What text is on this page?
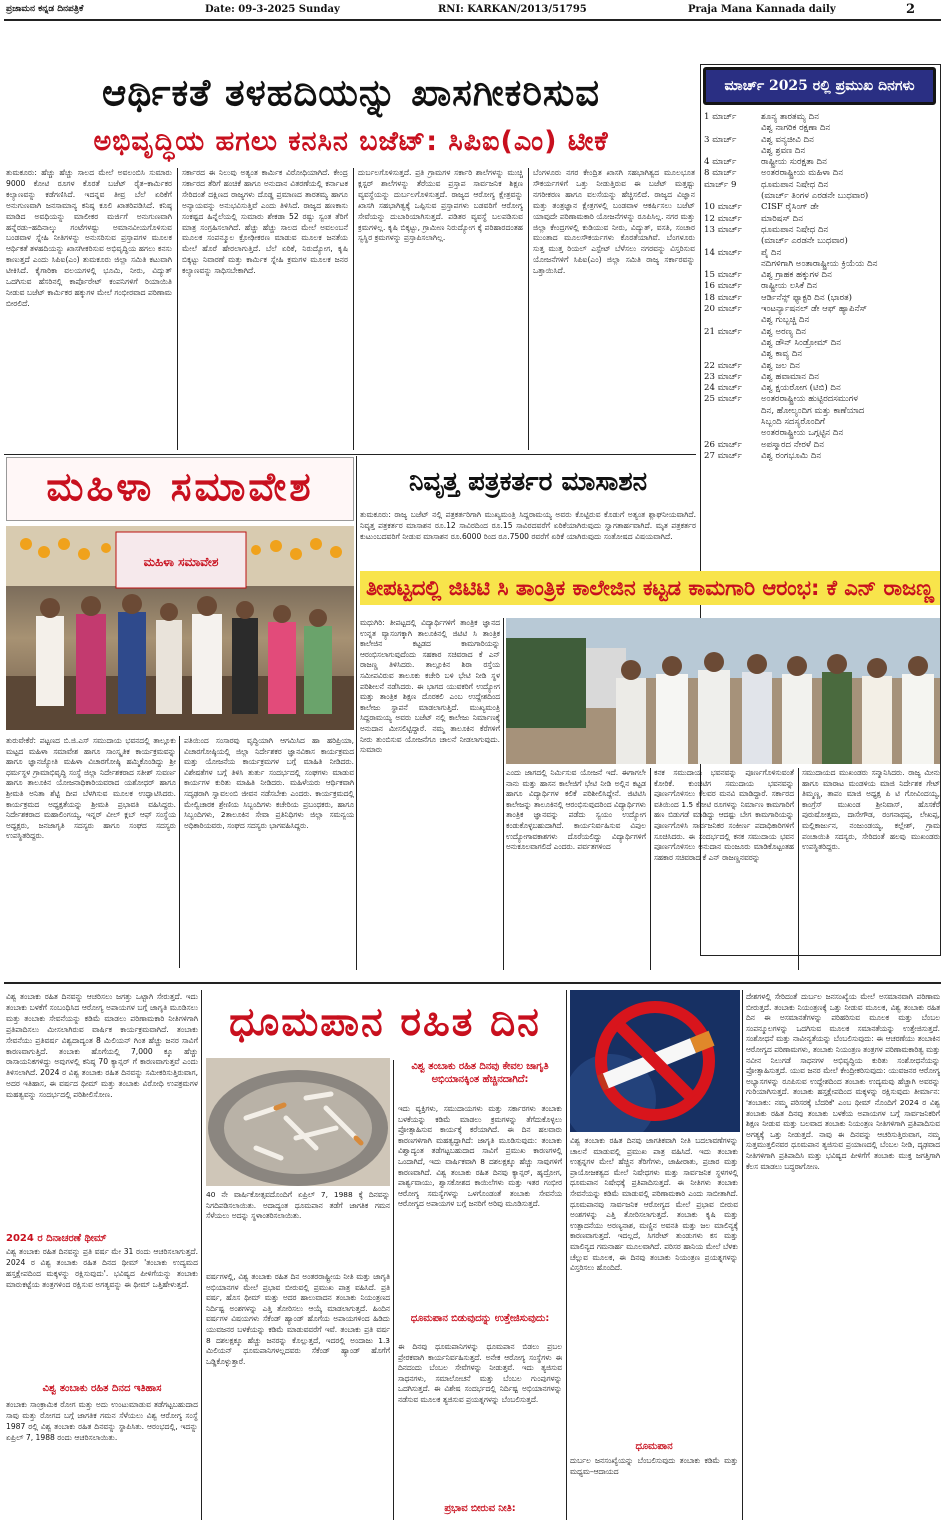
ಪ್ರಜಾಮನ ಕನ್ನಡ ದಿನಪತ್ರಿಕೆ	Date: 09-3-2025 Sunday	RNI: KARKAN/2013/51795	Praja Mana Kannada daily	2
ಆರ್ಥಿಕತೆ ತಳಹದಿಯನ್ನು ಖಾಸಗೀಕರಿಸುವ
ಅಭಿವೃದ್ಧಿಯ ಹಗಲು ಕನಸಿನ ಬಜೆಟ್: ಸಿಪಿಐ(ಎಂ) ಟೀಕೆ
ತುಮಕೂರು: ಹೆಚ್ಚು ಹೆಚ್ಚು ಸಾಲದ ಮೇಲೆ ಅವಲಂಬಿಸಿ ಸುಮಾರು 9000 ಕೋಟಿ ರೂಗಳ ಕೊರತೆ ಬಜೆಟ್ ರೈತ–ಕಾರ್ಮಿಕರ ಕಲ್ಯಾಣವನ್ನು ಕಡೆಗಣಿಸಿದೆ. ಇದನ್ನವ ತೀವ್ರ ಬೆಲೆ ಏರಿಕೆಗೆ ಅನುಗುಣವಾಗಿ ಜನಸಾಮಾನ್ಯ ಕನಿಷ್ಠ ಕೂಲಿ ಖಾತರಿಪಡಿಸಿದೆ. ಕನಿಷ್ಠ ಮಾಡಿದ ಅವಧಿಯನ್ನು ಮಾಲೀಕರ ಮರ್ಜಿಗೆ ಅನುಗುಣವಾಗಿ ಹನ್ನೆರಡು–ಹದಿನಾಲ್ಕು ಗಂಟೆಗಳಷ್ಟು ಅಮಾನವೀಯಗೊಳಿಸುವ ಬಂಡವಾಳ ಸ್ನೇಹಿ ನೀತಿಗಳನ್ನು ಅನುಸರಿಸುವ ಪ್ರಸ್ತಾಪಗಳ ಮೂಲಕ ಆರ್ಥಿಕತೆ ತಳಹದಿಯನ್ನು ಖಾಸಗೀಕರಿಸುವ ಅಭಿವೃದ್ಧಿಯ ಹಗಲು ಕನಸು ಕಾಣುತ್ತದೆ ಎಂದು ಸಿಪಿಐ(ಎಂ) ತುಮಕೂರು ಜಿಲ್ಲಾ ಸಮಿತಿ ಕಟುವಾಗಿ ಟೀಕಿಸಿದೆ. ಕೈಗಾರಿಕಾ ವಲಯಗಳಲ್ಲಿ ಭೂಮಿ, ನೀರು, ವಿದ್ಯುತ್ ಒದಗಿಸುವ ಹೆಸರಿನಲ್ಲಿ ಕಾರ್ಪೊರೇಟ್ ಕಂಪನಿಗಳಿಗೆ ರಿಯಾಯಿತಿ ನೀಡುವ ಬಜೆಟ್ ಕಾರ್ಮಿಕರ ಹಕ್ಕುಗಳ ಮೇಲೆ ಗಂಭೀರವಾದ ಪರಿಣಾಮ ಬೀರಲಿದೆ.
ಸರ್ಕಾರದ ಈ ನಿಲುವು ಅತ್ಯಂತ ಕಾರ್ಮಿಕ ವಿರೋಧಿಯಾಗಿದೆ. ಕೇಂದ್ರ ಸರ್ಕಾರದ ತೆರಿಗೆ ಹಂಚಿಕೆ ಹಾಗೂ ಅನುದಾನ ವಿತರಣೆಯಲ್ಲಿ ಕರ್ನಾಟಕ ಸೇರಿದಂತೆ ದಕ್ಷಿಣದ ರಾಜ್ಯಗಳು ದೊಡ್ಡ ಪ್ರಮಾಣದ ತಾರತಮ್ಯ ಹಾಗೂ ಅನ್ಯಾಯವನ್ನು ಅನುಭವಿಸುತ್ತಿವೆ ಎಂದು ತಿಳಿಸಿದೆ. ರಾಜ್ಯದ ಹಣಕಾಸು ಸಂಕಷ್ಟದ ಹಿನ್ನೆಲೆಯಲ್ಲಿ ಸುಮಾರು ಶೇಕಡಾ 52 ರಷ್ಟು ಸ್ವಂತ ತೆರಿಗೆ ಮಾತ್ರ ಸಂಗ್ರಹಿಸಲಾಗಿದೆ. ಹೆಚ್ಚು ಹೆಚ್ಚು ಸಾಲದ ಮೇಲೆ ಅವಲಂಬನೆ ಮೂಲಕ ಸಂಪನ್ಮೂಲ ಕ್ರೋಢೀಕರಣ ಮಾಡುವ ಮೂಲಕ ಜನತೆಯ ಮೇಲೆ ಹೊರೆ ಹೇರಲಾಗುತ್ತಿದೆ. ಬೆಲೆ ಏರಿಕೆ, ನಿರುದ್ಯೋಗ, ಕೃಷಿ ಬಿಕ್ಕಟ್ಟು ನಿವಾರಣೆ ಮತ್ತು ಕಾರ್ಮಿಕ ಸ್ನೇಹಿ ಕ್ರಮಗಳ ಮೂಲಕ ಜನರ ಕಲ್ಯಾಣವನ್ನು ಸಾಧಿಸಬೇಕಾಗಿದೆ.
ದುರ್ಬಲಗೊಳಿಸುತ್ತದೆ. ಪ್ರತಿ ಗ್ರಾಮಗಳ ಸರ್ಕಾರಿ ಶಾಲೆಗಳನ್ನು ಮುಚ್ಚಿ ಕ್ಲಸ್ಟರ್ ಶಾಲೆಗಳನ್ನು ತೆರೆಯುವ ಪ್ರಸ್ತಾಪ ಸಾರ್ವಜನಿಕ ಶಿಕ್ಷಣ ವ್ಯವಸ್ಥೆಯನ್ನು ದುರ್ಬಲಗೊಳಿಸುತ್ತದೆ. ರಾಜ್ಯದ ಆರೋಗ್ಯ ಕ್ಷೇತ್ರವನ್ನು ಖಾಸಗಿ ಸಹಭಾಗಿತ್ವಕ್ಕೆ ಒಪ್ಪಿಸುವ ಪ್ರಸ್ತಾಪಗಳು ಬಡವರಿಗೆ ಆರೋಗ್ಯ ಸೇವೆಯನ್ನು ದುಬಾರಿಯಾಗಿಸುತ್ತದೆ. ಪಡಿತರ ವ್ಯವಸ್ಥೆ ಬಲಪಡಿಸುವ ಕ್ರಮಗಳಿಲ್ಲ. ಕೃಷಿ ಬಿಕ್ಕಟ್ಟು, ಗ್ರಾಮೀಣ ನಿರುದ್ಯೋಗ ಕ್ಕೆ ಪರಿಹಾರದಂತಹ ಸ್ವಸ್ಥಿರ ಕ್ರಮಗಳನ್ನು ಪ್ರಸ್ತಾಪಿಸಲಾಗಿಲ್ಲ.
ಬೆಂಗಳೂರು ನಗರ ಕೇಂದ್ರಿತ ಖಾಸಗಿ ಸಹಭಾಗಿತ್ವದ ಮೂಲಭೂತ ಸೌಕರ್ಯಗಳಿಗೆ ಒತ್ತು ನೀಡುತ್ತಿರುವ ಈ ಬಜೆಟ್ ಮತ್ತಷ್ಟು ನಗರೀಕರಣ ಹಾಗೂ ವಲಸೆಯನ್ನು ಹೆಚ್ಚಿಸಲಿದೆ. ರಾಜ್ಯದ ವಿಜ್ಞಾನ ಮತ್ತು ತಂತ್ರಜ್ಞಾನ ಕ್ಷೇತ್ರಗಳಲ್ಲಿ ಬಂಡವಾಳ ಆಕರ್ಷಿಸಲು ಬಜೆಟ್ ಯಾವುದೇ ಪರಿಣಾಮಕಾರಿ ಯೋಜನೆಗಳನ್ನು ರೂಪಿಸಿಲ್ಲ. ನಗರ ಮತ್ತು ಜಿಲ್ಲಾ ಕೇಂದ್ರಗಳಲ್ಲಿ ಕುಡಿಯುವ ನೀರು, ವಿದ್ಯುತ್, ವಸತಿ, ಸಂಚಾರ ಮುಂತಾದ ಮೂಲಸೌಕರ್ಯಗಳು ಕೊರತೆಯಾಗಿವೆ. ಬೆಂಗಳೂರು ಸುತ್ತ ಮುತ್ತ ರಿಯಲ್ ಎಸ್ಟೇಟ್ ಬೆಳೆಸಲು ನಗರವನ್ನು ವಿಸ್ತರಿಸುವ ಯೋಜನೆಗಳಿಗೆ ಸಿಪಿಐ(ಎಂ) ಜಿಲ್ಲಾ ಸಮಿತಿ ರಾಜ್ಯ ಸರ್ಕಾರವನ್ನು ಒತ್ತಾಯಿಸಿದೆ.
ಮಾರ್ಚ್ 2025 ರಲ್ಲಿ ಪ್ರಮುಖ ದಿನಗಳು
1 ಮಾರ್ಚ್	ಶೂನ್ಯ ತಾರತಮ್ಯ ದಿನ
ವಿಶ್ವ ನಾಗರಿಕ ರಕ್ಷಣಾ ದಿನ
3 ಮಾರ್ಚ್	ವಿಶ್ವ ವನ್ಯಜೀವಿ ದಿನ
ವಿಶ್ವ ಶ್ರವಣ ದಿನ
4 ಮಾರ್ಚ್	ರಾಷ್ಟ್ರೀಯ ಸುರಕ್ಷತಾ ದಿನ
8 ಮಾರ್ಚ್	ಅಂತರರಾಷ್ಟ್ರೀಯ ಮಹಿಳಾ ದಿನ
ಮಾರ್ಚ್ 9	ಧೂಮಪಾನ ನಿಷೇಧ ದಿನ
(ಮಾರ್ಚ್ ತಿಂಗಳ ಎರಡನೇ ಬುಧವಾರ)
10 ಮಾರ್ಚ್	CISF ರೈಸಿಂಗ್ ಡೇ
12 ಮಾರ್ಚ್	ಮಾರಿಷಸ್ ದಿನ
13 ಮಾರ್ಚ್	ಧೂಮಪಾನ ನಿಷೇಧ ದಿನ
(ಮಾರ್ಚ್ ಎರಡನೇ ಬುಧವಾರ)
14 ಮಾರ್ಚ್	ಪೈ ದಿನ
ನದಿಗಳಿಗಾಗಿ ಅಂತಾರಾಷ್ಟ್ರೀಯ ಕ್ರಿಯೆಯ ದಿನ
15 ಮಾರ್ಚ್	ವಿಶ್ವ ಗ್ರಾಹಕ ಹಕ್ಕುಗಳ ದಿನ
16 ಮಾರ್ಚ್	ರಾಷ್ಟ್ರೀಯ ಲಸಿಕೆ ದಿನ
18 ಮಾರ್ಚ್	ಆರ್ಡಿನೆನ್ಸ್ ಫ್ಯಾಕ್ಟರಿ ದಿನ (ಭಾರತ)
20 ಮಾರ್ಚ್	ಇಂಟರ್ನ್ಯಾಷನಲ್ ಡೇ ಆಫ್ ಹ್ಯಾಪಿನೆಸ್
ವಿಶ್ವ ಗುಬ್ಬಚ್ಚಿ ದಿನ
21 ಮಾರ್ಚ್	ವಿಶ್ವ ಅರಣ್ಯ ದಿನ
ವಿಶ್ವ ಡೌನ್ ಸಿಂಡ್ರೋಮ್ ದಿನ
ವಿಶ್ವ ಕಾವ್ಯ ದಿನ
22 ಮಾರ್ಚ್	ವಿಶ್ವ ಜಲ ದಿನ
23 ಮಾರ್ಚ್	ವಿಶ್ವ ಹವಾಮಾನ ದಿನ
24 ಮಾರ್ಚ್	ವಿಶ್ವ ಕ್ಷಯರೋಗ (ಟಿಬಿ) ದಿನ
25 ಮಾರ್ಚ್	ಅಂತರರಾಷ್ಟ್ರೀಯ ಹುಟ್ಟಿರದಸಮುಗಳ
ದಿನ, ಹೋಲ್ಯಂದಿಗ ಮತ್ತು ಕಾಣೆಯಾದ
ಸಿಬ್ಬಂದಿ ಸದಸ್ಯರೊಂದಿಗೆ
ಅಂತರರಾಷ್ಟ್ರೀಯ ಒಗ್ಗಟ್ಟಿನ ದಿನ
26 ಮಾರ್ಚ್	ಅಪಸ್ಮಾರದ ನೇರಳೆ ದಿನ
27 ಮಾರ್ಚ್	ವಿಶ್ವ ರಂಗಭೂಮಿ ದಿನ
ಮಹಿಳಾ ಸಮಾವೇಶ
ಮಹಿಳಾ ಸಮಾವೇಶ
ತುರುವೇಕೆರೆ: ಪಟ್ಟಣದ ಬಿ.ಜಿ.ಎಸ್ ಸಮುದಾಯ ಭವನದಲ್ಲಿ ತಾಲ್ಲೂಕು ಮಟ್ಟದ ಮಹಿಳಾ ಸಮಾವೇಶ ಹಾಗೂ ಸಾಂಸ್ಕೃತಿಕ ಕಾರ್ಯಕ್ರಮವನ್ನು ಹಾಗೂ ಜ್ಞಾನಜ್ಯೋತಿ ಮಹಿಳಾ ವಿಚಾರಗೋಷ್ಠಿ ಹಮ್ಮಿಕೊಂಡಿದ್ದು ಶ್ರೀ ಧರ್ಮಸ್ಥಳ ಗ್ರಾಮಾಭಿವೃದ್ಧಿ ಸಂಸ್ಥೆ ಜಿಲ್ಲಾ ನಿರ್ದೇಶಕರಾದ ಸತೀಶ್ ಸುವರ್ಣ ಹಾಗೂ ತಾಲೂಕಿನ ಯೋಜನಾಧಿಕಾರಿಯವರಾದ ಯಶೋಧರ್ ಹಾಗೂ ಶ್ರೀಮತಿ ಅನಿತಾ ಶೆಟ್ಟಿ ದೀಪ ಬೆಳಗಿಸುವ ಮೂಲಕ ಉದ್ಘಾಟಿಸಿದರು. ಕಾರ್ಯಕ್ರಮದ ಅಧ್ಯಕ್ಷತೆಯನ್ನು ಶ್ರೀಮತಿ ಪ್ರಭಾವತಿ ವಹಿಸಿದ್ದರು. ನಿರ್ದೇಶಕರಾದ ಮಹಾಲಿಂಗಯ್ಯ, ಇನ್ನರ್ ವೀಲ್ ಕ್ಲಬ್ ಆಫ್ ಸಂಸ್ಥೆಯ ಅಧ್ಯಕ್ಷರು, ಜನಜಾಗೃತಿ ಸದಸ್ಯರು ಹಾಗೂ ಸಂಘದ ಸದಸ್ಯರು ಉಪಸ್ಥಿತರಿದ್ದರು.
ಪತಿಯಿಂದ ಸಂಸಾರವು ವೃದ್ಧಿಯಾಗಿ ಆಗಮಿಸಿದ ಹಾ ಹರಿಪ್ರಿಯಾ, ವಿಚಾರಗೋಷ್ಠಿಯಲ್ಲಿ ಜಿಲ್ಲಾ ನಿರ್ದೇಶಕರ ಜ್ಞಾನವಿಕಾಸ ಕಾರ್ಯಕ್ರಮದ ಮತ್ತು ಯೋಜನೆಯ ಕಾರ್ಯಕ್ರಮಗಳ ಬಗ್ಗೆ ಮಾಹಿತಿ ನೀಡಿದರು. ವಿಶೇಷತೆಗಳ ಬಗ್ಗೆ ತಿಳಿಸಿ ತುರ್ತು ಸಂದರ್ಭದಲ್ಲಿ ಸಂಘಗಳು ಮಾಡುವ ಕಾರ್ಯಗಳ ಕುರಿತು ಮಾಹಿತಿ ನೀಡಿದರು. ಮಹಿಳೆಯರು ಆರ್ಥಿಕವಾಗಿ ಸದೃಢರಾಗಿ ಸ್ವಾವಲಂಬಿ ಜೀವನ ನಡೆಸಬೇಕು ಎಂದರು. ಕಾರ್ಯಕ್ರಮದಲ್ಲಿ ಮೇಲ್ವಿಚಾರಕ ಶ್ರೇಣಿಯ ಸಿಬ್ಬಂದಿಗಳು ಕಚೇರಿಯ ಪ್ರಬಂಧಕರು, ಹಾಗೂ ಸಿಬ್ಬಂದಿಗಳು, 2ತಾಲೂಕಿನ ಸೇವಾ ಪ್ರತಿನಿಧಿಗಳು ಜಿಲ್ಲಾ ಸಮನ್ವಯ ಅಧಿಕಾರಿಯವರು, ಸಂಘದ ಸದಸ್ಯರು ಭಾಗವಹಿಸಿದ್ದರು.
ನಿವೃತ್ತ ಪತ್ರಕರ್ತರ ಮಾಸಾಶನ
ತುಮಕೂರು: ರಾಜ್ಯ ಬಜೆಟ್ ನಲ್ಲಿ ಪತ್ರಕರ್ತರಿಗಾಗಿ ಮುಖ್ಯಮಂತ್ರಿ ಸಿದ್ದರಾಮಯ್ಯ ಅವರು ಕೊಟ್ಟಿರುವ ಕೊಡುಗೆ ಅತ್ಯಂತ ಶ್ಲಾಘನೀಯವಾಗಿದೆ. ನಿವೃತ್ತ ಪತ್ರಕರ್ತರ ಮಾಸಾಶನ ರೂ.12 ಸಾವಿರದಿಂದ ರೂ.15 ಸಾವಿರದವರೆಗೆ ಏರಿಕೆಯಾಗಿರುವುದು ಸ್ವಾಗತಾರ್ಹವಾಗಿದೆ. ಮೃತ ಪತ್ರಕರ್ತರ ಕುಟುಂಬದವರಿಗೆ ನೀಡುವ ಮಾಸಾಶನ ರೂ.6000 ರಿಂದ ರೂ.7500 ರವರೆಗೆ ಏರಿಕೆ ಯಾಗಿರುವುದು ಸಂತೋಷದ ವಿಷಯವಾಗಿದೆ.
ತೀಪಟ್ಟದಲ್ಲಿ ಜಿಟಿಟಿ ಸಿ ತಾಂತ್ರಿಕ ಕಾಲೇಜಿನ ಕಟ್ಟಡ ಕಾಮಗಾರಿ ಆರಂಭ: ಕೆ ಎನ್ ರಾಜಣ್ಣ
ಮಧುಗಿರಿ: ತೀಪಟ್ಟದಲ್ಲಿ ವಿದ್ಯಾರ್ಥಿಗಳಿಗೆ ತಾಂತ್ರಿಕ ಜ್ಞಾನದ ಉನ್ನತ ವ್ಯಾಸಂಗಕ್ಕಾಗಿ ತಾಲೂಕಿನಲ್ಲಿ ಜಿಟಿಟಿ ಸಿ ತಾಂತ್ರಿಕ ಕಾಲೇಜಿನ ಕಟ್ಟಡದ ಕಾಮಗಾರಿಯನ್ನು ಆರಂಭಿಸಲಾಗುವುದೆಂದು ಸಹಕಾರ ಸಚಿವರಾದ ಕೆ ಎನ್ ರಾಜಣ್ಣ ತಿಳಿಸಿದರು. ತಾಲ್ಲೂಕಿನ ಶಿರಾ ರಸ್ತೆಯ ಸಮೀಪವಿರುವ ತಾಲೂಕು ಕಚೇರಿ ಬಳಿ ಭೇಟಿ ನೀಡಿ ಸ್ಥಳ ಪರಿಶೀಲನೆ ನಡೆಸಿದರು. ಈ ಭಾಗದ ಯುವಕರಿಗೆ ಉದ್ಯೋಗ ಮತ್ತು ತಾಂತ್ರಿಕ ಶಿಕ್ಷಣ ದೊರಕಲಿ ಎಂಬ ಉದ್ದೇಶದಿಂದ ಕಾಲೇಜು ಸ್ಥಾಪನೆ ಮಾಡಲಾಗುತ್ತಿದೆ. ಮುಖ್ಯಮಂತ್ರಿ ಸಿದ್ದರಾಮಯ್ಯ ಅವರು ಬಜೆಟ್ ನಲ್ಲಿ ಕಾಲೇಜು ನಿರ್ಮಾಣಕ್ಕೆ ಅನುದಾನ ಮೀಸಲಿಟ್ಟಿದ್ದಾರೆ. ನಮ್ಮ ತಾಲೂಕಿನ ಕೆರೆಗಳಿಗೆ ನೀರು ತುಂಬಿಸುವ ಯೋಜನೆಗೂ ಚಾಲನೆ ನೀಡಲಾಗುವುದು. ಸುಮಾರು
ಎಂದು ಜಾಗದಲ್ಲಿ ನಿರ್ಮಿಸುವ ಯೋಜನೆ ಇದೆ. ಈಗಾಗಲೇ ನಾನು ಮತ್ತು ಹಾಸನ ಕಾಲೇಜಿಗೆ ಭೇಟಿ ನೀಡಿ ಅಲ್ಲಿನ ಕಟ್ಟಡ ಹಾಗೂ ವಿದ್ಯಾರ್ಥಿಗಳ ಕಲಿಕೆ ಪರಿಶೀಲಿಸಿದ್ದೇನೆ. ಜಿಟಿಟಿಸಿ ಕಾಲೇಜನ್ನು ತಾಲೂಕಿನಲ್ಲಿ ಆರಂಭಿಸುವುದರಿಂದ ವಿದ್ಯಾರ್ಥಿಗಳು ತಾಂತ್ರಿಕ ಜ್ಞಾನವನ್ನು ಪಡೆದು ಸ್ವಯಂ ಉದ್ಯೋಗ ಕಂಡುಕೊಳ್ಳಬಹುದಾಗಿದೆ. ಕಾರ್ಯನಿರ್ವಹಿಸುವ ವಿಪುಲ ಉದ್ಯೋಗಾವಕಾಶಗಳು ದೊರೆಯಲಿದ್ದು ವಿದ್ಯಾರ್ಥಿಗಳಿಗೆ ಅನುಕೂಲವಾಗಲಿದೆ ಎಂದರು. ಪರ್ವತಗಳಿಂದ
ಕನಕ ಸಮುದಾಯ ಭವನವನ್ನು ಪೂರ್ಣಗೊಳಿಸುವಂತೆ ಕೋರಿಕೆ. ಕುಂಚಿಟಿಗ ಸಮುದಾಯ ಭವನವನ್ನು ಪೂರ್ಣಗೊಳಿಸಲು ಕೆಲವರ ಮನವಿ ಮಾಡಿದ್ದಾರೆ. ಸರ್ಕಾರದ ವತಿಯಿಂದ 1.5 ಕೋಟಿ ರೂಗಳನ್ನು ನಿರ್ಮಾಣ ಕಾಮಗಾರಿಗೆ ಹಣ ಬಿಡುಗಡೆ ಮಾಡಿದ್ದು ಆದಷ್ಟು ಬೇಗ ಕಾಮಗಾರಿಯನ್ನು ಪೂರ್ಣಗೊಳಿಸಿ ಸಾರ್ವಜನಿಕರ ಸಂಕೀರ್ಣ ಪದಾಧಿಕಾರಿಗಳಿಗೆ ಸೂಚಿಸಿದರು. ಈ ಸಂದರ್ಭದಲ್ಲಿ ಕನಕ ಸಮುದಾಯ ಭವನ ಪೂರ್ಣಗೊಳಿಸಲು ಅನುದಾನ ಮಂಜೂರು ಮಾಡಿಕೊಟ್ಟಂತಹ ಸಹಕಾರ ಸಚಿವರಾದ ಕೆ ಎನ್ ರಾಜಣ್ಣನವರನ್ನು
ಸಮುದಾಯದ ಮುಖಂಡರು ಸನ್ಮಾನಿಸಿದರು. ರಾಜ್ಯ ಮೀನು ಹಾಗೂ ಮಾರಾಟ ಮಂಡಳಿಯ ಮಾಜಿ ನಿರ್ದೇಶಕ ಗೇಟ್ ತಿಮ್ಮಣ್ಣ, ತಾಪಂ ಮಾಜಿ ಅಧ್ಯಕ್ಷ ಪಿ ಟಿ ಗೋವಿಂದಯ್ಯ, ಕಾಂಗ್ರೆಸ್ ಮುಖಂಡ ಶ್ರೀನಿವಾಸ್, ಹೊಸಕೆರೆ ಪುರುಷೋತ್ತಮ, ದಾಸೇಗೌಡ, ರಂಗನಾಥಪ್ಪ, ಲೇಖಪ್ಪ, ಮಲ್ಲಿಕಾರ್ಜುನ, ನಂಜುಂಡಯ್ಯ, ಕಲ್ಲೇಶ್, ಗ್ರಾಮ ಪಂಚಾಯಿತಿ ಸದಸ್ಯರು, ಸೇರಿದಂತೆ ಹಲವು ಮುಖಂಡರು ಉಪಸ್ಥಿತರಿದ್ದರು.
ವಿಶ್ವ ತಂಬಾಕು ರಹಿತ ದಿನವನ್ನು ಆಚರಿಸಲು ಜಗತ್ತು ಒಟ್ಟಾಗಿ ಸೇರುತ್ತದೆ. ಇದು ತಂಬಾಕು ಬಳಕೆಗೆ ಸಂಬಂಧಿಸಿದ ಆರೋಗ್ಯ ಅಪಾಯಗಳ ಬಗ್ಗೆ ಜಾಗೃತಿ ಮೂಡಿಸಲು ಮತ್ತು ತಂಬಾಕು ಸೇವನೆಯನ್ನು ಕಡಿಮೆ ಮಾಡಲು ಪರಿಣಾಮಕಾರಿ ನೀತಿಗಳಿಗಾಗಿ ಪ್ರತಿಪಾದಿಸಲು ಮೀಸಲಾಗಿರುವ ವಾರ್ಷಿಕ ಕಾರ್ಯಕ್ರಮವಾಗಿದೆ. ತಂಬಾಕು ಸೇವನೆಯು ಪ್ರತಿವರ್ಷ ವಿಶ್ವದಾದ್ಯಂತ 8 ಮಿಲಿಯನ್ ಗಿಂತ ಹೆಚ್ಚು ಜನರ ಸಾವಿಗೆ ಕಾರಣವಾಗುತ್ತಿದೆ. ತಂಬಾಕು ಹೊಗೆಯಲ್ಲಿ 7,000 ಕ್ಕೂ ಹೆಚ್ಚು ರಾಸಾಯನಿಕಗಳಿದ್ದು ಅವುಗಳಲ್ಲಿ ಕನಿಷ್ಠ 70 ಕ್ಯಾನ್ಸರ್ ಗೆ ಕಾರಣವಾಗುತ್ತವೆ ಎಂದು ತಿಳಿಸಲಾಗಿದೆ. 2024 ರ ವಿಶ್ವ ತಂಬಾಕು ರಹಿತ ದಿನವನ್ನು ಸಮೀಕರಿಸುತ್ತಿರುವಾಗ, ಅದರ ಇತಿಹಾಸ, ಈ ವರ್ಷದ ಥೀಮ್ ಮತ್ತು ತಂಬಾಕು ವಿರೋಧಿ ಉಪಕ್ರಮಗಳ ಮಹತ್ವವನ್ನು ಸಂದರ್ಭದಲ್ಲಿ ಪರಿಶೀಲಿಸೋಣ.
2024 ರ ದಿನಾಚರಣೆ ಥೀಮ್
ವಿಶ್ವ ತಂಬಾಕು ರಹಿತ ದಿನವನ್ನು ಪ್ರತಿ ವರ್ಷ ಮೇ 31 ರಂದು ಆಚರಿಸಲಾಗುತ್ತದೆ. 2024 ರ ವಿಶ್ವ ತಂಬಾಕು ರಹಿತ ದಿನದ ಥೀಮ್ 'ತಂಬಾಕು ಉದ್ಯಮದ ಹಸ್ತಕ್ಷೇಪದಿಂದ ಮಕ್ಕಳನ್ನು ರಕ್ಷಿಸುವುದು'. ಭವಿಷ್ಯದ ಪೀಳಿಗೆಯನ್ನು ತಂಬಾಕು ಮಾರುಕಟ್ಟೆಯ ತಂತ್ರಗಳಿಂದ ರಕ್ಷಿಸುವ ಅಗತ್ಯವನ್ನು ಈ ಥೀಮ್ ಒತ್ತಿಹೇಳುತ್ತದೆ.
ವಿಶ್ವ ತಂಬಾಕು ರಹಿತ ದಿನದ ಇತಿಹಾಸ
ತಂಬಾಕು ಸಾಂಕ್ರಾಮಿಕ ರೋಗ ಮತ್ತು ಅದು ಉಂಟುಮಾಡುವ ತಡೆಗಟ್ಟಬಹುದಾದ ಸಾವು ಮತ್ತು ರೋಗದ ಬಗ್ಗೆ ಜಾಗತಿಕ ಗಮನ ಸೆಳೆಯಲು ವಿಶ್ವ ಆರೋಗ್ಯ ಸಂಸ್ಥೆ 1987 ರಲ್ಲಿ ವಿಶ್ವ ತಂಬಾಕು ರಹಿತ ದಿನವನ್ನು ಸ್ಥಾಪಿಸಿತು. ಆರಂಭದಲ್ಲಿ, ಇದನ್ನು ಏಪ್ರಿಲ್ 7, 1988 ರಂದು ಆಚರಿಸಲಾಯಿತು.
ಧೂಮಪಾನ ರಹಿತ ದಿನ
40 ನೇ ವಾರ್ಷಿಕೋತ್ಸವದೊಂದಿಗೆ ಏಪ್ರಿಲ್ 7, 1988 ಕ್ಕೆ ದಿನವನ್ನು ನಿಗದಿಪಡಿಸಲಾಯಿತು. ಅದಾದ್ಯಂತ ಧೂಮಪಾನ ತಡೆಗೆ ಜಾಗತಿಕ ಗಮನ ಸೆಳೆಯಲು ಅದನ್ನು ಸ್ಥಳಾಂತರಿಸಲಾಯಿತು.
ವರ್ಷಗಳಲ್ಲಿ, ವಿಶ್ವ ತಂಬಾಕು ರಹಿತ ದಿನ ಅಂತರರಾಷ್ಟ್ರೀಯ ನೀತಿ ಮತ್ತು ಜಾಗೃತಿ ಅಭಿಯಾನಗಳ ಮೇಲೆ ಪ್ರಭಾವ ಬೀರುವಲ್ಲಿ ಪ್ರಮುಖ ಪಾತ್ರ ವಹಿಸಿದೆ. ಪ್ರತಿ ವರ್ಷ, ಹೊಸ ಥೀಮ್ ಮತ್ತು ಅದರ ಹಾಲುವಾದನ ತಂಬಾಕು ನಿಯಂತ್ರಣದ ನಿರ್ದಿಷ್ಟ ಅಂಶಗಳನ್ನು ಎತ್ತಿ ತೋರಿಸಲು ಆಯ್ಕೆ ಮಾಡಲಾಗುತ್ತದೆ. ಹಿಂದಿನ ವರ್ಷಗಳ ವಿಷಯಗಳು ಸೆಕೆಂಡ್ ಹ್ಯಾಂಡ್ ಹೊಗೆಯ ಅಪಾಯಗಳಿಂದ ಹಿಡಿದು ಯುವಜನರ ಬಳಕೆಯನ್ನು ಕಡಿಮೆ ಮಾಡುವವರೆಗೆ ಇವೆ. ತಂಬಾಕು ಪ್ರತಿ ವರ್ಷ 8 ದಶಲಕ್ಷಕ್ಕೂ ಹೆಚ್ಚು ಜನರನ್ನು ಕೊಲ್ಲುತ್ತದೆ, ಇದರಲ್ಲಿ ಅಂದಾಜು 1.3 ಮಿಲಿಯನ್ ಧೂಮಪಾನಿಗಳಲ್ಲದವರು ಸೆಕೆಂಡ್ ಹ್ಯಾಂಡ್ ಹೊಗೆಗೆ ಒಡ್ಡಿಕೊಳ್ಳುತ್ತಾರೆ.
ವಿಶ್ವ ತಂಬಾಕು ರಹಿತ ದಿನವು ಕೇವಲ ಜಾಗೃತಿ ಅಭಿಯಾನಕ್ಕಿಂತ ಹೆಚ್ಚಿನದಾಗಿದೆ:
ಇದು ವ್ಯಕ್ತಿಗಳು, ಸಮುದಾಯಗಳು ಮತ್ತು ಸರ್ಕಾರಗಳು ತಂಬಾಕು ಬಳಕೆಯನ್ನು ಕಡಿಮೆ ಮಾಡಲು ಕ್ರಮಗಳನ್ನು ತೆಗೆದುಕೊಳ್ಳಲು ಪ್ರೋತ್ಸಾಹಿಸುವ ಕಾರ್ಯಕ್ಕೆ ಕರೆಯಾಗಿದೆ. ಈ ದಿನ ಹಲವಾರು ಕಾರಣಗಳಿಗಾಗಿ ಮಹತ್ವದ್ದಾಗಿದೆ: ಜಾಗೃತಿ ಮೂಡಿಸುವುದು: ತಂಬಾಕು ವಿಶ್ವಾದ್ಯಂತ ತಡೆಗಟ್ಟಬಹುದಾದ ಸಾವಿಗೆ ಪ್ರಮುಖ ಕಾರಣಗಳಲ್ಲಿ ಒಂದಾಗಿದೆ, ಇದು ವಾರ್ಷಿಕವಾಗಿ 8 ದಶಲಕ್ಷಕ್ಕೂ ಹೆಚ್ಚು ಸಾವುಗಳಿಗೆ ಕಾರಣವಾಗಿದೆ. ವಿಶ್ವ ತಂಬಾಕು ರಹಿತ ದಿನವು ಕ್ಯಾನ್ಸರ್, ಹೃದ್ರೋಗ, ಪಾರ್ಶ್ವವಾಯು, ಶ್ವಾಸಕೋಶದ ಕಾಯಿಲೆಗಳು ಮತ್ತು ಇತರ ಗಂಭೀರ ಆರೋಗ್ಯ ಸಮಸ್ಯೆಗಳನ್ನು ಒಳಗೊಂಡಂತೆ ತಂಬಾಕು ಸೇವನೆಯ ಆರೋಗ್ಯದ ಅಪಾಯಗಳ ಬಗ್ಗೆ ಜನರಿಗೆ ಅರಿವು ಮೂಡಿಸುತ್ತದೆ.
ಧೂಮಪಾನ ಬಿಡುವುದನ್ನು ಉತ್ತೇಜಿಸುವುದು:
ಈ ದಿನವು ಧೂಮಪಾನಿಗಳನ್ನು ಧೂಮಪಾನ ಬಿಡಲು ಪ್ರಬಲ ಪ್ರೇರಕವಾಗಿ ಕಾರ್ಯನಿರ್ವಹಿಸುತ್ತದೆ. ಅನೇಕ ಆರೋಗ್ಯ ಸಂಸ್ಥೆಗಳು ಈ ದಿನದಂದು ಬೆಂಬಲ ಸೇವೆಗಳನ್ನು ನೀಡುತ್ತವೆ. ಇದು ತ್ಯಜಿಸುವ ಸಾಧನಗಳು, ಸಮಾಲೋಚನೆ ಮತ್ತು ಬೆಂಬಲ ಗುಂಪುಗಳನ್ನು ಒದಗಿಸುತ್ತದೆ. ಈ ವಿಶೇಷ ಸಂದರ್ಭದಲ್ಲಿ ನಿರ್ದಿಷ್ಟ ಅಭಿಯಾನಗಳನ್ನು ನಡೆಸುವ ಮೂಲಕ ತ್ಯಜಿಸುವ ಪ್ರಯತ್ನಗಳನ್ನು ಬೆಂಬಲಿಸುತ್ತದೆ.
ಪ್ರಭಾವ ಬೀರುವ ನೀತಿ:
ವಿಶ್ವ ತಂಬಾಕು ರಹಿತ ದಿನವು ಜಾಗತಿಕವಾಗಿ ನೀತಿ ಬದಲಾವಣೆಗಳನ್ನು ಚಾಲನೆ ಮಾಡುವಲ್ಲಿ ಪ್ರಮುಖ ಪಾತ್ರ ವಹಿಸಿದೆ. ಇದು ತಂಬಾಕು ಉತ್ಪನ್ನಗಳ ಮೇಲೆ ಹೆಚ್ಚಿನ ತೆರಿಗೆಗಳು, ಜಾಹೀರಾತು, ಪ್ರಚಾರ ಮತ್ತು ಪ್ರಾಯೋಜಕತ್ವದ ಮೇಲೆ ನಿಷೇಧಗಳು ಮತ್ತು ಸಾರ್ವಜನಿಕ ಸ್ಥಳಗಳಲ್ಲಿ ಧೂಮಪಾನ ನಿಷೇಧಕ್ಕೆ ಪ್ರತಿಪಾದಿಸುತ್ತದೆ. ಈ ನೀತಿಗಳು ತಂಬಾಕು ಸೇವನೆಯನ್ನು ಕಡಿಮೆ ಮಾಡುವಲ್ಲಿ ಪರಿಣಾಮಕಾರಿ ಎಂದು ಸಾಬೀತಾಗಿದೆ. ಧೂಮಪಾನವು ಸಾರ್ವಜನಿಕ ಆರೋಗ್ಯದ ಮೇಲೆ ಪ್ರಭಾವ ಬೀರುವ ಅಂಶಗಳನ್ನು ಎತ್ತಿ ತೋರಿಸಲಾಗುತ್ತದೆ. ತಂಬಾಕು ಕೃಷಿ ಮತ್ತು ಉತ್ಪಾದನೆಯು ಅರಣ್ಯನಾಶ, ಮಣ್ಣಿನ ಅವನತಿ ಮತ್ತು ಜಲ ಮಾಲಿನ್ಯಕ್ಕೆ ಕಾರಣವಾಗುತ್ತದೆ. ಇದಲ್ಲದೆ, ಸಿಗರೇಟ್ ತುಂಡುಗಳು ಕಸ ಮತ್ತು ಮಾಲಿನ್ಯದ ಗಮನಾರ್ಹ ಮೂಲವಾಗಿದೆ. ಪರಿಸರ ಹಾನಿಯ ಮೇಲೆ ಬೆಳಕು ಚೆಲ್ಲುವ ಮೂಲಕ, ಈ ದಿನವು ತಂಬಾಕು ನಿಯಂತ್ರಣ ಪ್ರಯತ್ನಗಳನ್ನು ವಿಸ್ತರಿಸಲು ಹೊಂದಿದೆ.
ಧೂಮಪಾನ
ದುರ್ಬಲ ಜನಸಂಖ್ಯೆಯನ್ನು ಬೆಂಬಲಿಸುವುದು ತಂಬಾಕು ಕಡಿಮೆ ಮತ್ತು ಮಧ್ಯಮ–ಆದಾಯದ
ದೇಶಗಳಲ್ಲಿ ಸೇರಿದಂತೆ ದುರ್ಬಲ ಜನಸಂಖ್ಯೆಯ ಮೇಲೆ ಅಸಮಾನವಾಗಿ ಪರಿಣಾಮ ಬೀರುತ್ತದೆ. ತಂಬಾಕು ನಿಯಂತ್ರಣಕ್ಕೆ ಒತ್ತು ನೀಡುವ ಮೂಲಕ, ವಿಶ್ವ ತಂಬಾಕು ರಹಿತ ದಿನ ಈ ಅಸಮಾನತೆಗಳನ್ನು ಪರಿಹರಿಸುವ ಮೂಲಕ ಮತ್ತು ಬೆಂಬಲ ಸಂಪನ್ಮೂಲಗಳನ್ನು ಒದಗಿಸುವ ಮೂಲಕ ಸಮಾನತೆಯನ್ನು ಉತ್ತೇಜಿಸುತ್ತದೆ. ಸಂಶೋಧನೆ ಮತ್ತು ನಾವೀನ್ಯತೆಯನ್ನು ಬೆಂಬಲಿಸುವುದು: ಈ ಆಚರಣೆಯು ತಂಬಾಕಿನ ಆರೋಗ್ಯದ ಪರಿಣಾಮಗಳು, ತಂಬಾಕು ನಿಯಂತ್ರಣ ತಂತ್ರಗಳ ಪರಿಣಾಮಕಾರಿತ್ವ ಮತ್ತು ನವೀನ ನಿಲುಗಡೆ ಸಾಧನಗಳ ಅಭಿವೃದ್ಧಿಯ ಕುರಿತು ಸಂಶೋಧನೆಯನ್ನು ಪ್ರೋತ್ಸಾಹಿಸುತ್ತದೆ. ಯುವ ಜನರ ಮೇಲೆ ಕೇಂದ್ರೀಕರಿಸುವುದು: ಯುವಜನರ ಆರೋಗ್ಯ ಅಭ್ಯಾಸಗಳನ್ನು ರೂಪಿಸುವ ಉದ್ದೇಶದಿಂದ ತಂಬಾಕು ಉದ್ಯಮವು ಹೆಚ್ಚಾಗಿ ಅವರನ್ನು ಗುರಿಯಾಗಿಸುತ್ತದೆ. ತಂಬಾಕು ಹಸ್ತಕ್ಷೇಪದಿಂದ ಮಕ್ಕಳನ್ನು ರಕ್ಷಿಸುವುದು ತೀರ್ಮಾನ: 'ತಂಬಾಕು: ನಮ್ಮ ಪರಿಸರಕ್ಕೆ ಬೆದರಿಕೆ' ಎಂಬ ಥೀಮ್ ನೊಂದಿಗೆ 2024 ರ ವಿಶ್ವ ತಂಬಾಕು ರಹಿತ ದಿನವು ತಂಬಾಕು ಬಳಕೆಯ ಅಪಾಯಗಳ ಬಗ್ಗೆ ಸಾರ್ವಜನಿಕರಿಗೆ ಶಿಕ್ಷಣ ನೀಡುವ ಮತ್ತು ಬಲವಾದ ತಂಬಾಕು ನಿಯಂತ್ರಣ ನೀತಿಗಳಿಗಾಗಿ ಪ್ರತಿಪಾದಿಸುವ ಅಗತ್ಯಕ್ಕೆ ಒತ್ತು ನೀಡುತ್ತದೆ. ನಾವು ಈ ದಿನವನ್ನು ಆಚರಿಸುತ್ತಿರುವಾಗ, ನಮ್ಮ ಸುತ್ತಮುತ್ತಲಿನವರ ಧೂಮಪಾನ ತ್ಯಜಿಸುವ ಪ್ರಯಾಣದಲ್ಲಿ ಬೆಂಬಲ ನೀಡಿ, ದೃಢವಾದ ನೀತಿಗಳಿಗಾಗಿ ಪ್ರತಿಪಾದಿಸಿ ಮತ್ತು ಭವಿಷ್ಯದ ಪೀಳಿಗೆಗೆ ತಂಬಾಕು ಮುಕ್ತ ಜಗತ್ತಿಗಾಗಿ ಕೆಲಸ ಮಾಡಲು ಬದ್ಧರಾಗೋಣ.
